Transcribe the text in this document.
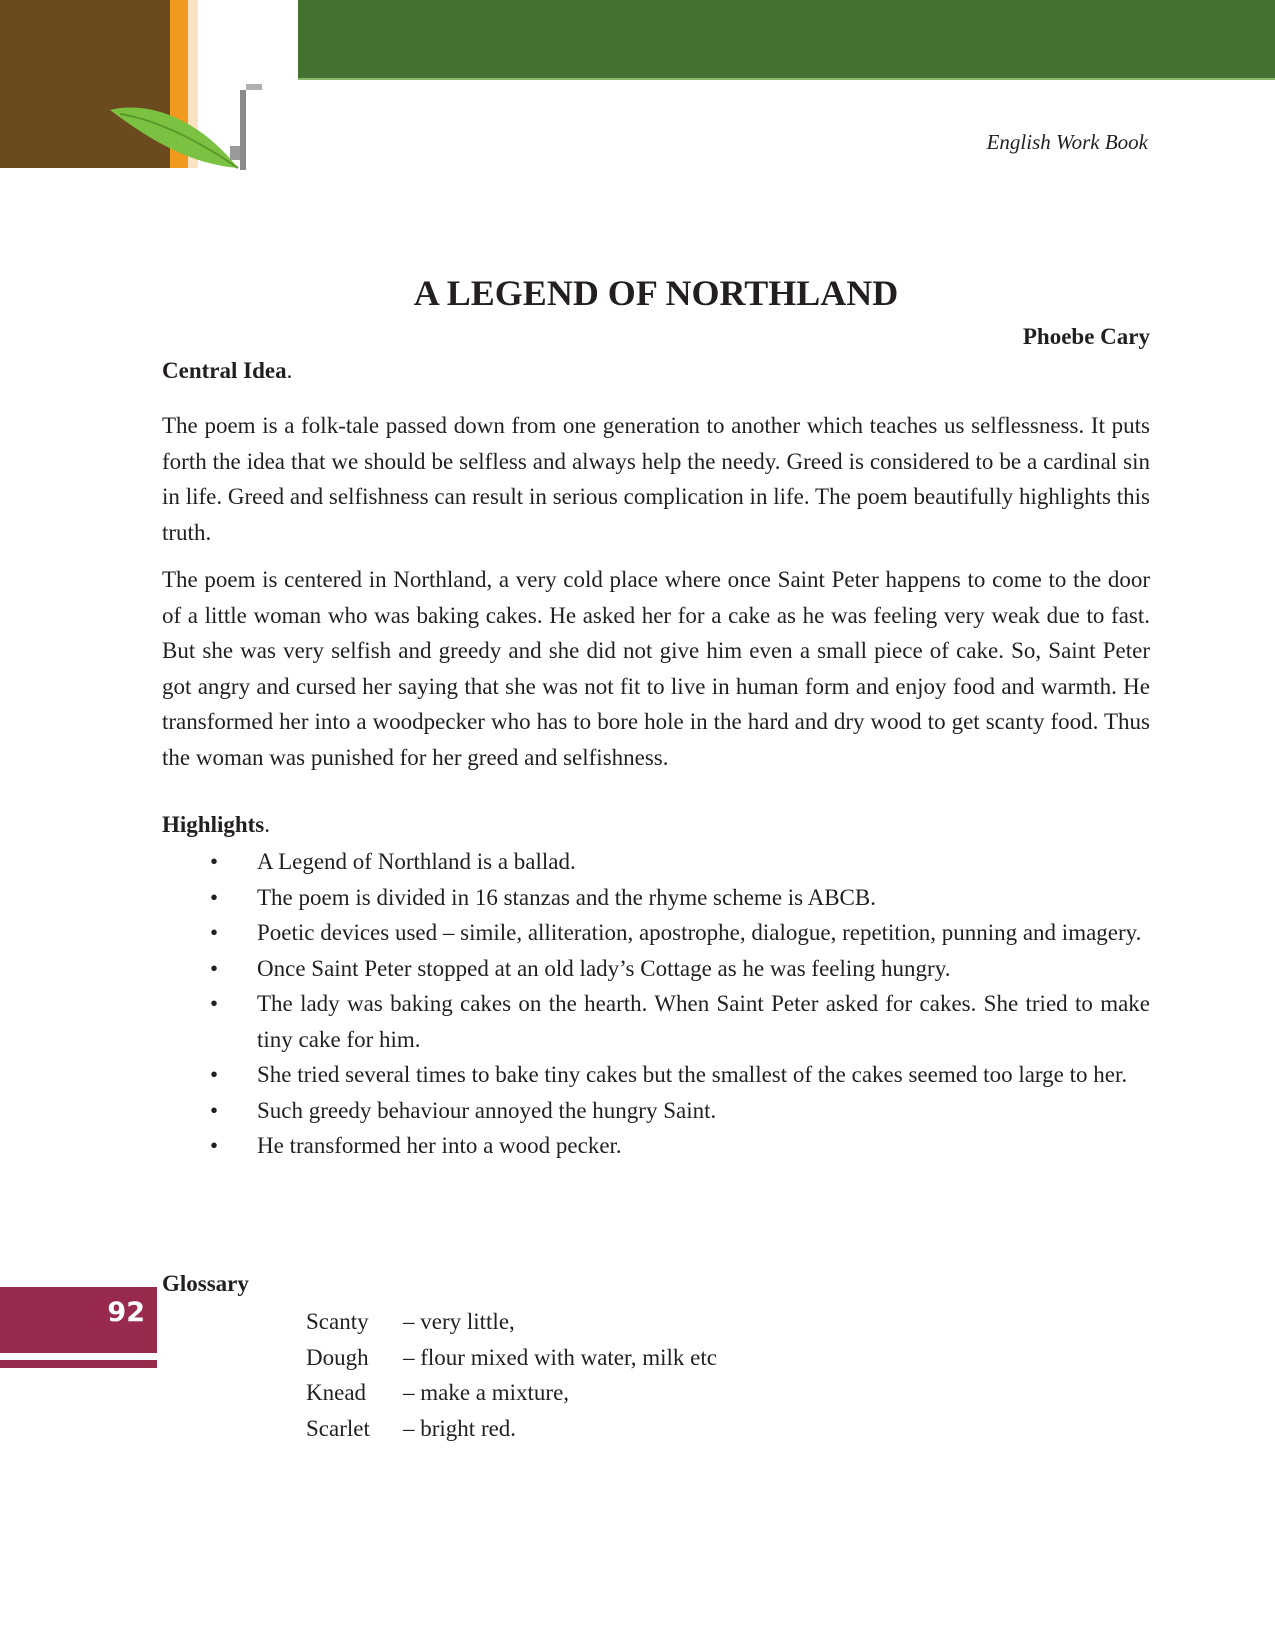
English Work Book
A LEGEND OF NORTHLAND
Phoebe Cary
Central Idea.

The poem is a folk-tale passed down from one generation to another which teaches us selflessness. It puts forth the idea that we should be selfless and always help the needy. Greed is considered to be a cardinal sin in life. Greed and selfishness can result in serious complication in life. The poem beautifully highlights this truth.

The poem is centered in Northland, a very cold place where once Saint Peter happens to come to the door of a little woman who was baking cakes. He asked her for a cake as he was feeling very weak due to fast. But she was very selfish and greedy and she did not give him even a small piece of cake. So, Saint Peter got angry and cursed her saying that she was not fit to live in human form and enjoy food and warmth. He transformed her into a woodpecker who has to bore hole in the hard and dry wood to get scanty food. Thus the woman was punished for her greed and selfishness.

Highlights.
• A Legend of Northland is a ballad.
• The poem is divided in 16 stanzas and the rhyme scheme is ABCB.
• Poetic devices used – simile, alliteration, apostrophe, dialogue, repetition, punning and imagery.
• Once Saint Peter stopped at an old lady’s Cottage as he was feeling hungry.
• The lady was baking cakes on the hearth. When Saint Peter asked for cakes. She tried to make tiny cake for him.
• She tried several times to bake tiny cakes but the smallest of the cakes seemed too large to her.
• Such greedy behaviour annoyed the hungry Saint.
• He transformed her into a wood pecker.
Glossary
Scanty	– very little,
Dough	– flour mixed with water, milk etc
Knead	– make a mixture,
Scarlet	– bright red.
92
